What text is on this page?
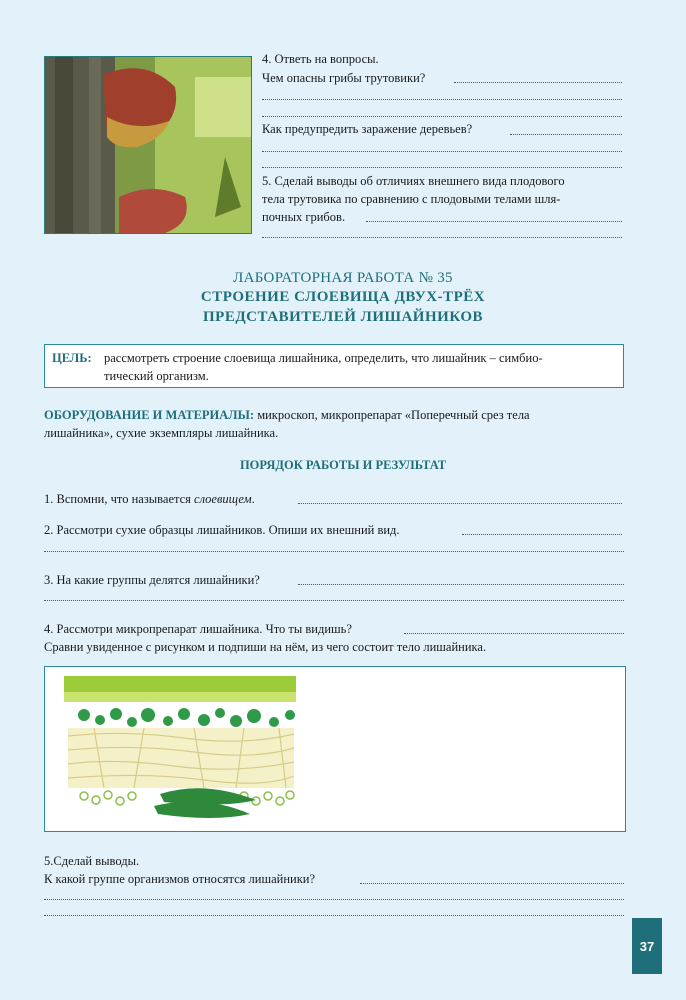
4. Ответь на вопросы.
Чем опасны грибы трутовики?
Как предупредить заражение деревьев?
5. Сделай выводы об отличиях внешнего вида плодового
тела трутовика по сравнению с плодовыми телами шля-
почных грибов.
ЛАБОРАТОРНАЯ РАБОТА № 35
СТРОЕНИЕ СЛОЕВИЩА ДВУХ-ТРЁХ
ПРЕДСТАВИТЕЛЕЙ ЛИШАЙНИКОВ
ЦЕЛЬ: рассмотреть строение слоевища лишайника, определить, что лишайник – симбио-
тический организм.
ОБОРУДОВАНИЕ И МАТЕРИАЛЫ: микроскоп, микропрепарат «Поперечный срез тела
лишайника», сухие экземпляры лишайника.
ПОРЯДОК РАБОТЫ И РЕЗУЛЬТАТ
1. Вспомни, что называется слоевищем.
2. Рассмотри сухие образцы лишайников. Опиши их внешний вид.
3. На какие группы делятся лишайники?
4. Рассмотри микропрепарат лишайника. Что ты видишь?
Сравни увиденное с рисунком и подпиши на нём, из чего состоит тело лишайника.
5.Сделай выводы.
К какой группе организмов относятся лишайники?
37
